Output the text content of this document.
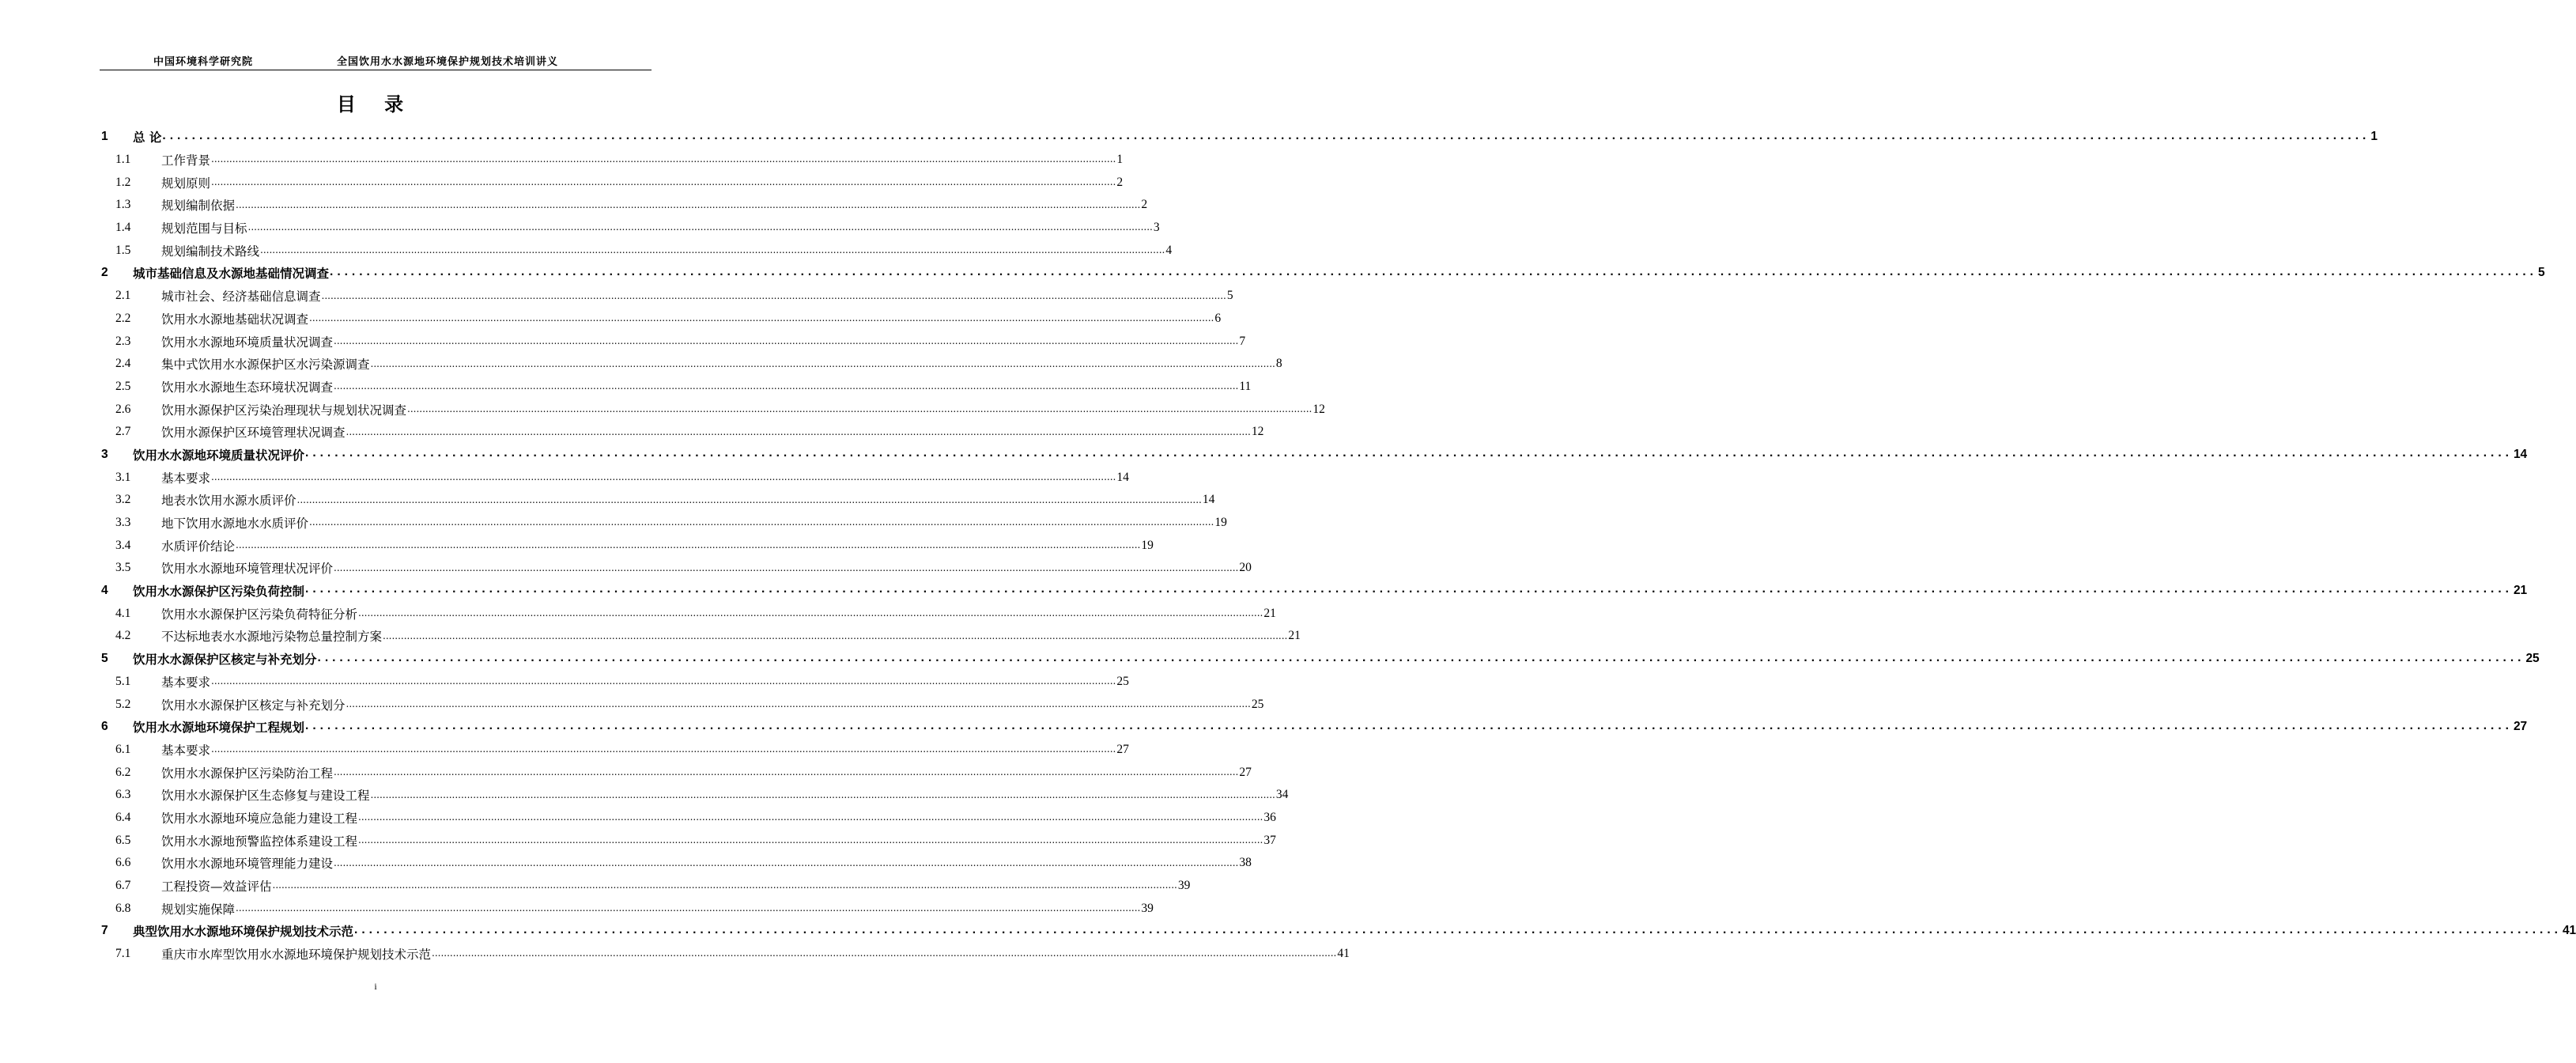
中国环境科学研究院	全国饮用水水源地环境保护规划技术培训讲义
目 录
1	总 论 ............................................................................................................................................................................................................................................................................................................ 1
1.1	工作背景 ............................................................................................................................................................................................................................................................................................................ 1
1.2	规划原则 ............................................................................................................................................................................................................................................................................................................ 2
1.3	规划编制依据 ............................................................................................................................................................................................................................................................................................................ 2
1.4	规划范围与目标 ............................................................................................................................................................................................................................................................................................................ 3
1.5	规划编制技术路线 ............................................................................................................................................................................................................................................................................................................ 4
2	城市基础信息及水源地基础情况调查 ............................................................................................................................................................................................................................................................................................................ 5
2.1	城市社会、经济基础信息调查 ............................................................................................................................................................................................................................................................................................................ 5
2.2	饮用水水源地基础状况调查 ............................................................................................................................................................................................................................................................................................................ 6
2.3	饮用水水源地环境质量状况调查 ............................................................................................................................................................................................................................................................................................................ 7
2.4	集中式饮用水水源保护区水污染源调查 ............................................................................................................................................................................................................................................................................................................ 8
2.5	饮用水水源地生态环境状况调查 ............................................................................................................................................................................................................................................................................................................ 11
2.6	饮用水源保护区污染治理现状与规划状况调查 ............................................................................................................................................................................................................................................................................................................ 12
2.7	饮用水源保护区环境管理状况调查 ............................................................................................................................................................................................................................................................................................................ 12
3	饮用水水源地环境质量状况评价 ............................................................................................................................................................................................................................................................................................................ 14
3.1	基本要求 ............................................................................................................................................................................................................................................................................................................ 14
3.2	地表水饮用水源水质评价 ............................................................................................................................................................................................................................................................................................................ 14
3.3	地下饮用水源地水水质评价 ............................................................................................................................................................................................................................................................................................................ 19
3.4	水质评价结论 ............................................................................................................................................................................................................................................................................................................ 19
3.5	饮用水水源地环境管理状况评价 ............................................................................................................................................................................................................................................................................................................ 20
4	饮用水水源保护区污染负荷控制 ............................................................................................................................................................................................................................................................................................................ 21
4.1	饮用水水源保护区污染负荷特征分析 ............................................................................................................................................................................................................................................................................................................ 21
4.2	不达标地表水水源地污染物总量控制方案 ............................................................................................................................................................................................................................................................................................................ 21
5	饮用水水源保护区核定与补充划分 ............................................................................................................................................................................................................................................................................................................ 25
5.1	基本要求 ............................................................................................................................................................................................................................................................................................................ 25
5.2	饮用水水源保护区核定与补充划分 ............................................................................................................................................................................................................................................................................................................ 25
6	饮用水水源地环境保护工程规划 ............................................................................................................................................................................................................................................................................................................ 27
6.1	基本要求 ............................................................................................................................................................................................................................................................................................................ 27
6.2	饮用水水源保护区污染防治工程 ............................................................................................................................................................................................................................................................................................................ 27
6.3	饮用水水源保护区生态修复与建设工程 ............................................................................................................................................................................................................................................................................................................ 34
6.4	饮用水水源地环境应急能力建设工程 ............................................................................................................................................................................................................................................................................................................ 36
6.5	饮用水水源地预警监控体系建设工程 ............................................................................................................................................................................................................................................................................................................ 37
6.6	饮用水水源地环境管理能力建设 ............................................................................................................................................................................................................................................................................................................ 38
6.7	工程投资—效益评估 ............................................................................................................................................................................................................................................................................................................ 39
6.8	规划实施保障 ............................................................................................................................................................................................................................................................................................................ 39
7	典型饮用水水源地环境保护规划技术示范 ............................................................................................................................................................................................................................................................................................................ 41
7.1	重庆市水库型饮用水水源地环境保护规划技术示范 ............................................................................................................................................................................................................................................................................................................ 41
i
